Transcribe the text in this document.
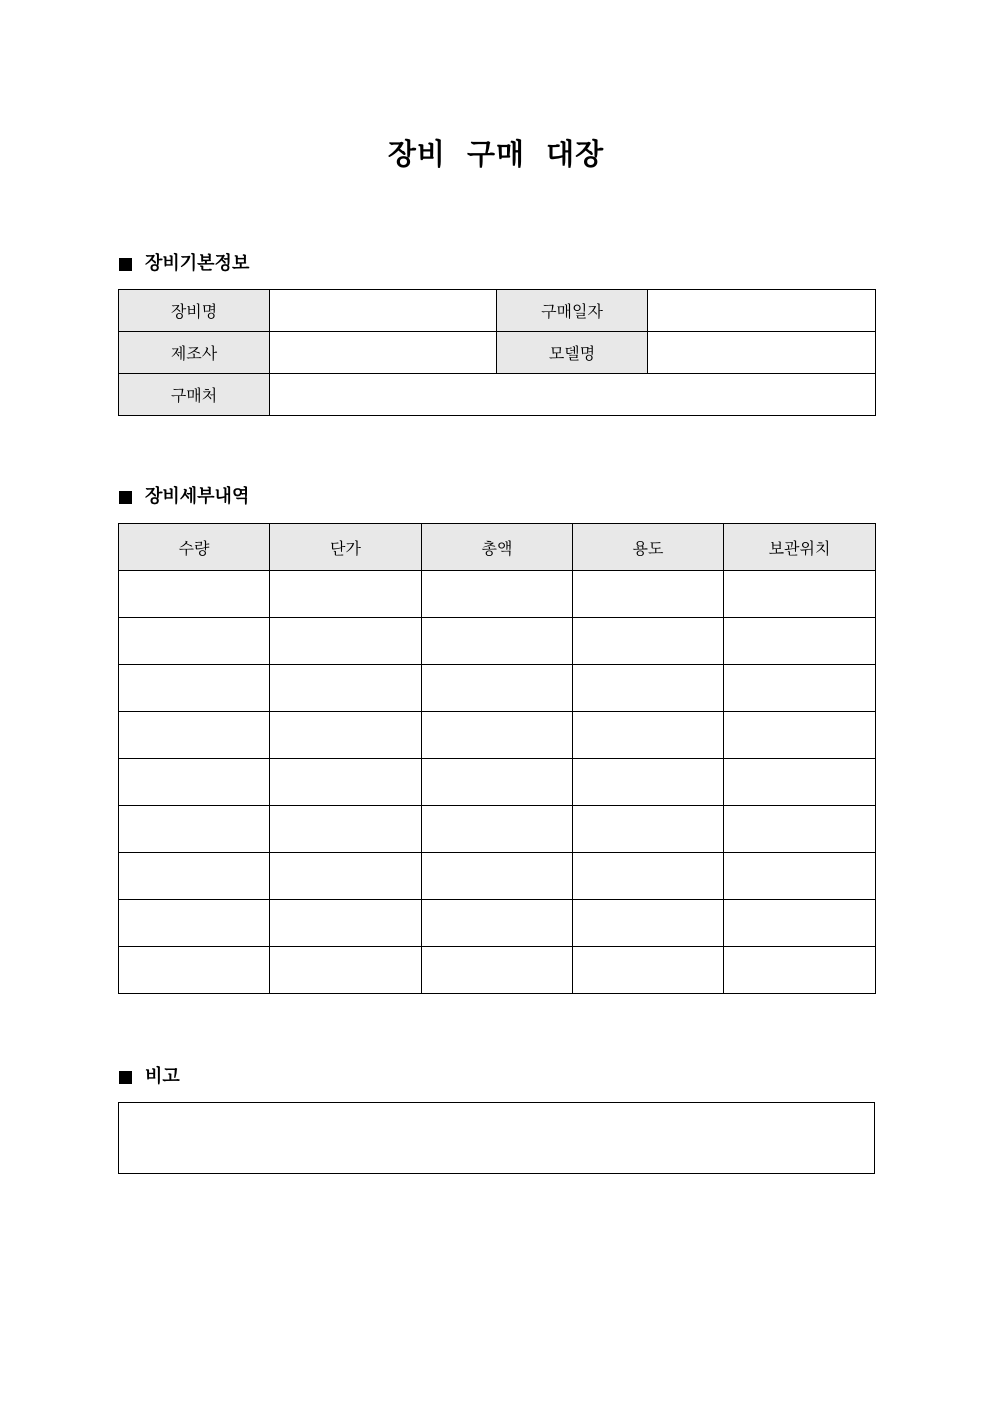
장비 구매 대장
장비기본정보
장비명		구매일자	
제조사		모델명	
구매처			
장비세부내역
수량	단가	총액	용도	보관위치

비고
